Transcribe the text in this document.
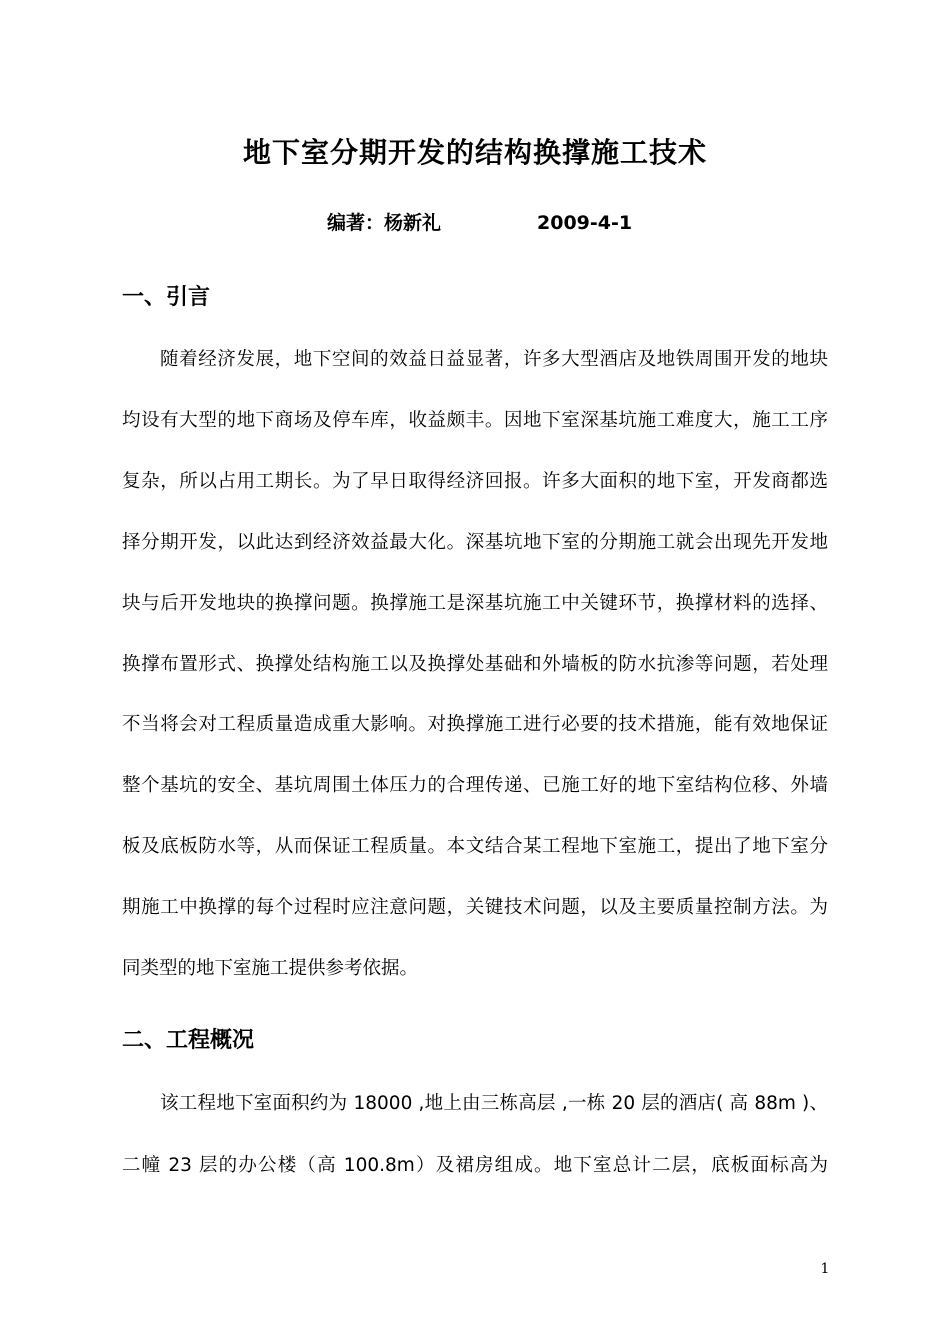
地下室分期开发的结构换撑施工技术
编著：杨新礼	2009-4-1
一、引言
随着经济发展，地下空间的效益日益显著，许多大型酒店及地铁周围开发的地块
均设有大型的地下商场及停车库，收益颇丰。因地下室深基坑施工难度大，施工工序
复杂，所以占用工期长。为了早日取得经济回报。许多大面积的地下室，开发商都选
择分期开发，以此达到经济效益最大化。深基坑地下室的分期施工就会出现先开发地
块与后开发地块的换撑问题。换撑施工是深基坑施工中关键环节，换撑材料的选择、
换撑布置形式、换撑处结构施工以及换撑处基础和外墙板的防水抗渗等问题，若处理
不当将会对工程质量造成重大影响。对换撑施工进行必要的技术措施，能有效地保证
整个基坑的安全、基坑周围土体压力的合理传递、已施工好的地下室结构位移、外墙
板及底板防水等，从而保证工程质量。本文结合某工程地下室施工，提出了地下室分
期施工中换撑的每个过程时应注意问题，关键技术问题，以及主要质量控制方法。为
同类型的地下室施工提供参考依据。
二、工程概况
该工程地下室面积约为 18000 ,地上由三栋高层 ,一栋 20 层的酒店( 高 88m )、
二幢 23 层的办公楼（高 100.8m）及裙房组成。地下室总计二层，底板面标高为
1
